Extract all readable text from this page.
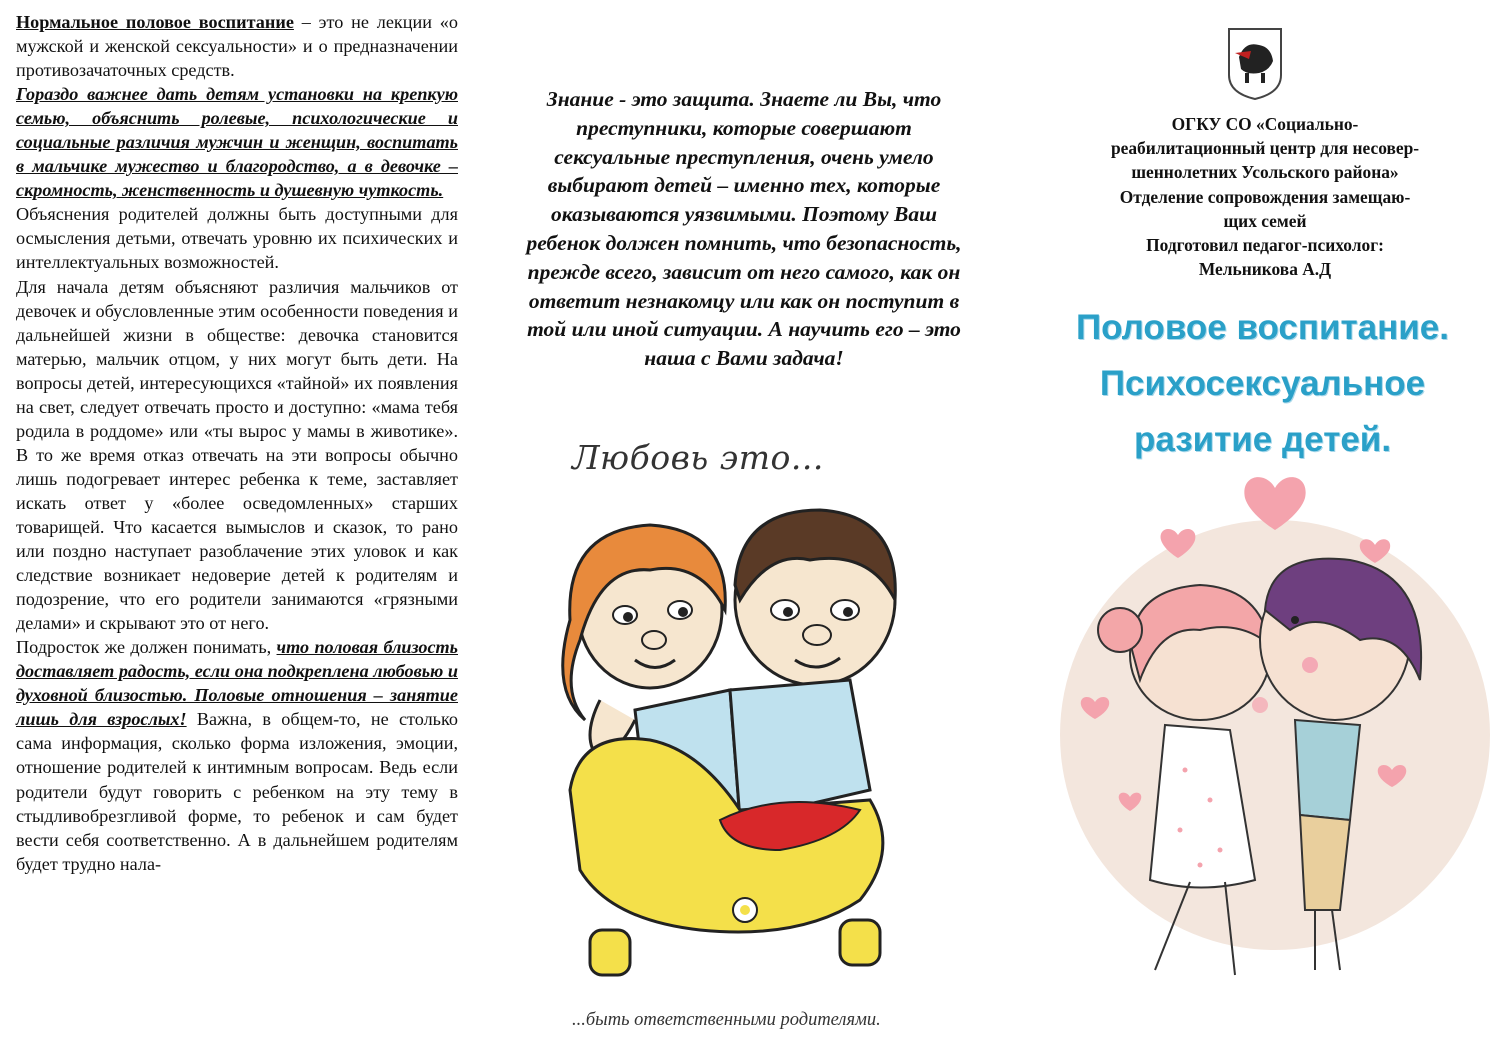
Нормальное половое воспитание – это не лекции «о мужской и женской сексуальности» и о предназначении противозачаточных средств.

Гораздо важнее дать детям установки на крепкую семью, объяснить ролевые, психологические и социальные различия мужчин и женщин, воспитать в мальчике мужество и благородство, а в девочке – скромность, женственность и душевную чуткость.

Объяснения родителей должны быть доступными для осмысления детьми, отвечать уровню их психических и интеллектуальных возможностей.

Для начала детям объясняют различия мальчиков от девочек и обусловленные этим особенности поведения и дальнейшей жизни в обществе: девочка становится матерью, мальчик отцом, у них могут быть дети. На вопросы детей, интересующихся «тайной» их появления на свет, следует отвечать просто и доступно: «мама тебя родила в роддоме» или «ты вырос у мамы в животике». В то же время отказ отвечать на эти вопросы обычно лишь подогревает интерес ребенка к теме, заставляет искать ответ у «более осведомленных» старших товарищей. Что касается вымыслов и сказок, то рано или поздно наступает разоблачение этих уловок и как следствие возникает недоверие детей к родителям и подозрение, что его родители занимаются «грязными делами» и скрывают это от него.

Подросток же должен понимать, что половая близость доставляет радость, если она подкреплена любовью и духовной близостью. Половые отношения – занятие лишь для взрослых! Важна, в общем-то, не столько сама информация, сколько форма изложения, эмоции, отношение родителей к интимным вопросам. Ведь если родители будут говорить с ребенком на эту тему в стыдливобрезгливой форме, то ребенок и сам будет вести себя соответственно. А в дальнейшем родителям будет трудно нала-

Знание - это защита. Знаете ли Вы, что преступники, которые совершают сексуальные преступления, очень умело выбирают детей – именно тех, которые оказываются уязвимыми. Поэтому Ваш ребенок должен помнить, что безопасность, прежде всего, зависит от него самого, как он ответит незнакомцу или как он поступит в той или иной ситуации. А научить его – это наша с Вами задача!
Любовь это...
...быть ответственными родителями.
ОГКУ СО «Социально-
реабилитационный центр для несовер-
шеннолетних Усольского района»
Отделение сопровождения замещаю-
щих семей
Подготовил педагог-психолог:
Мельникова А.Д
Половое воспитание.
Психосексуальное
разитие детей.
